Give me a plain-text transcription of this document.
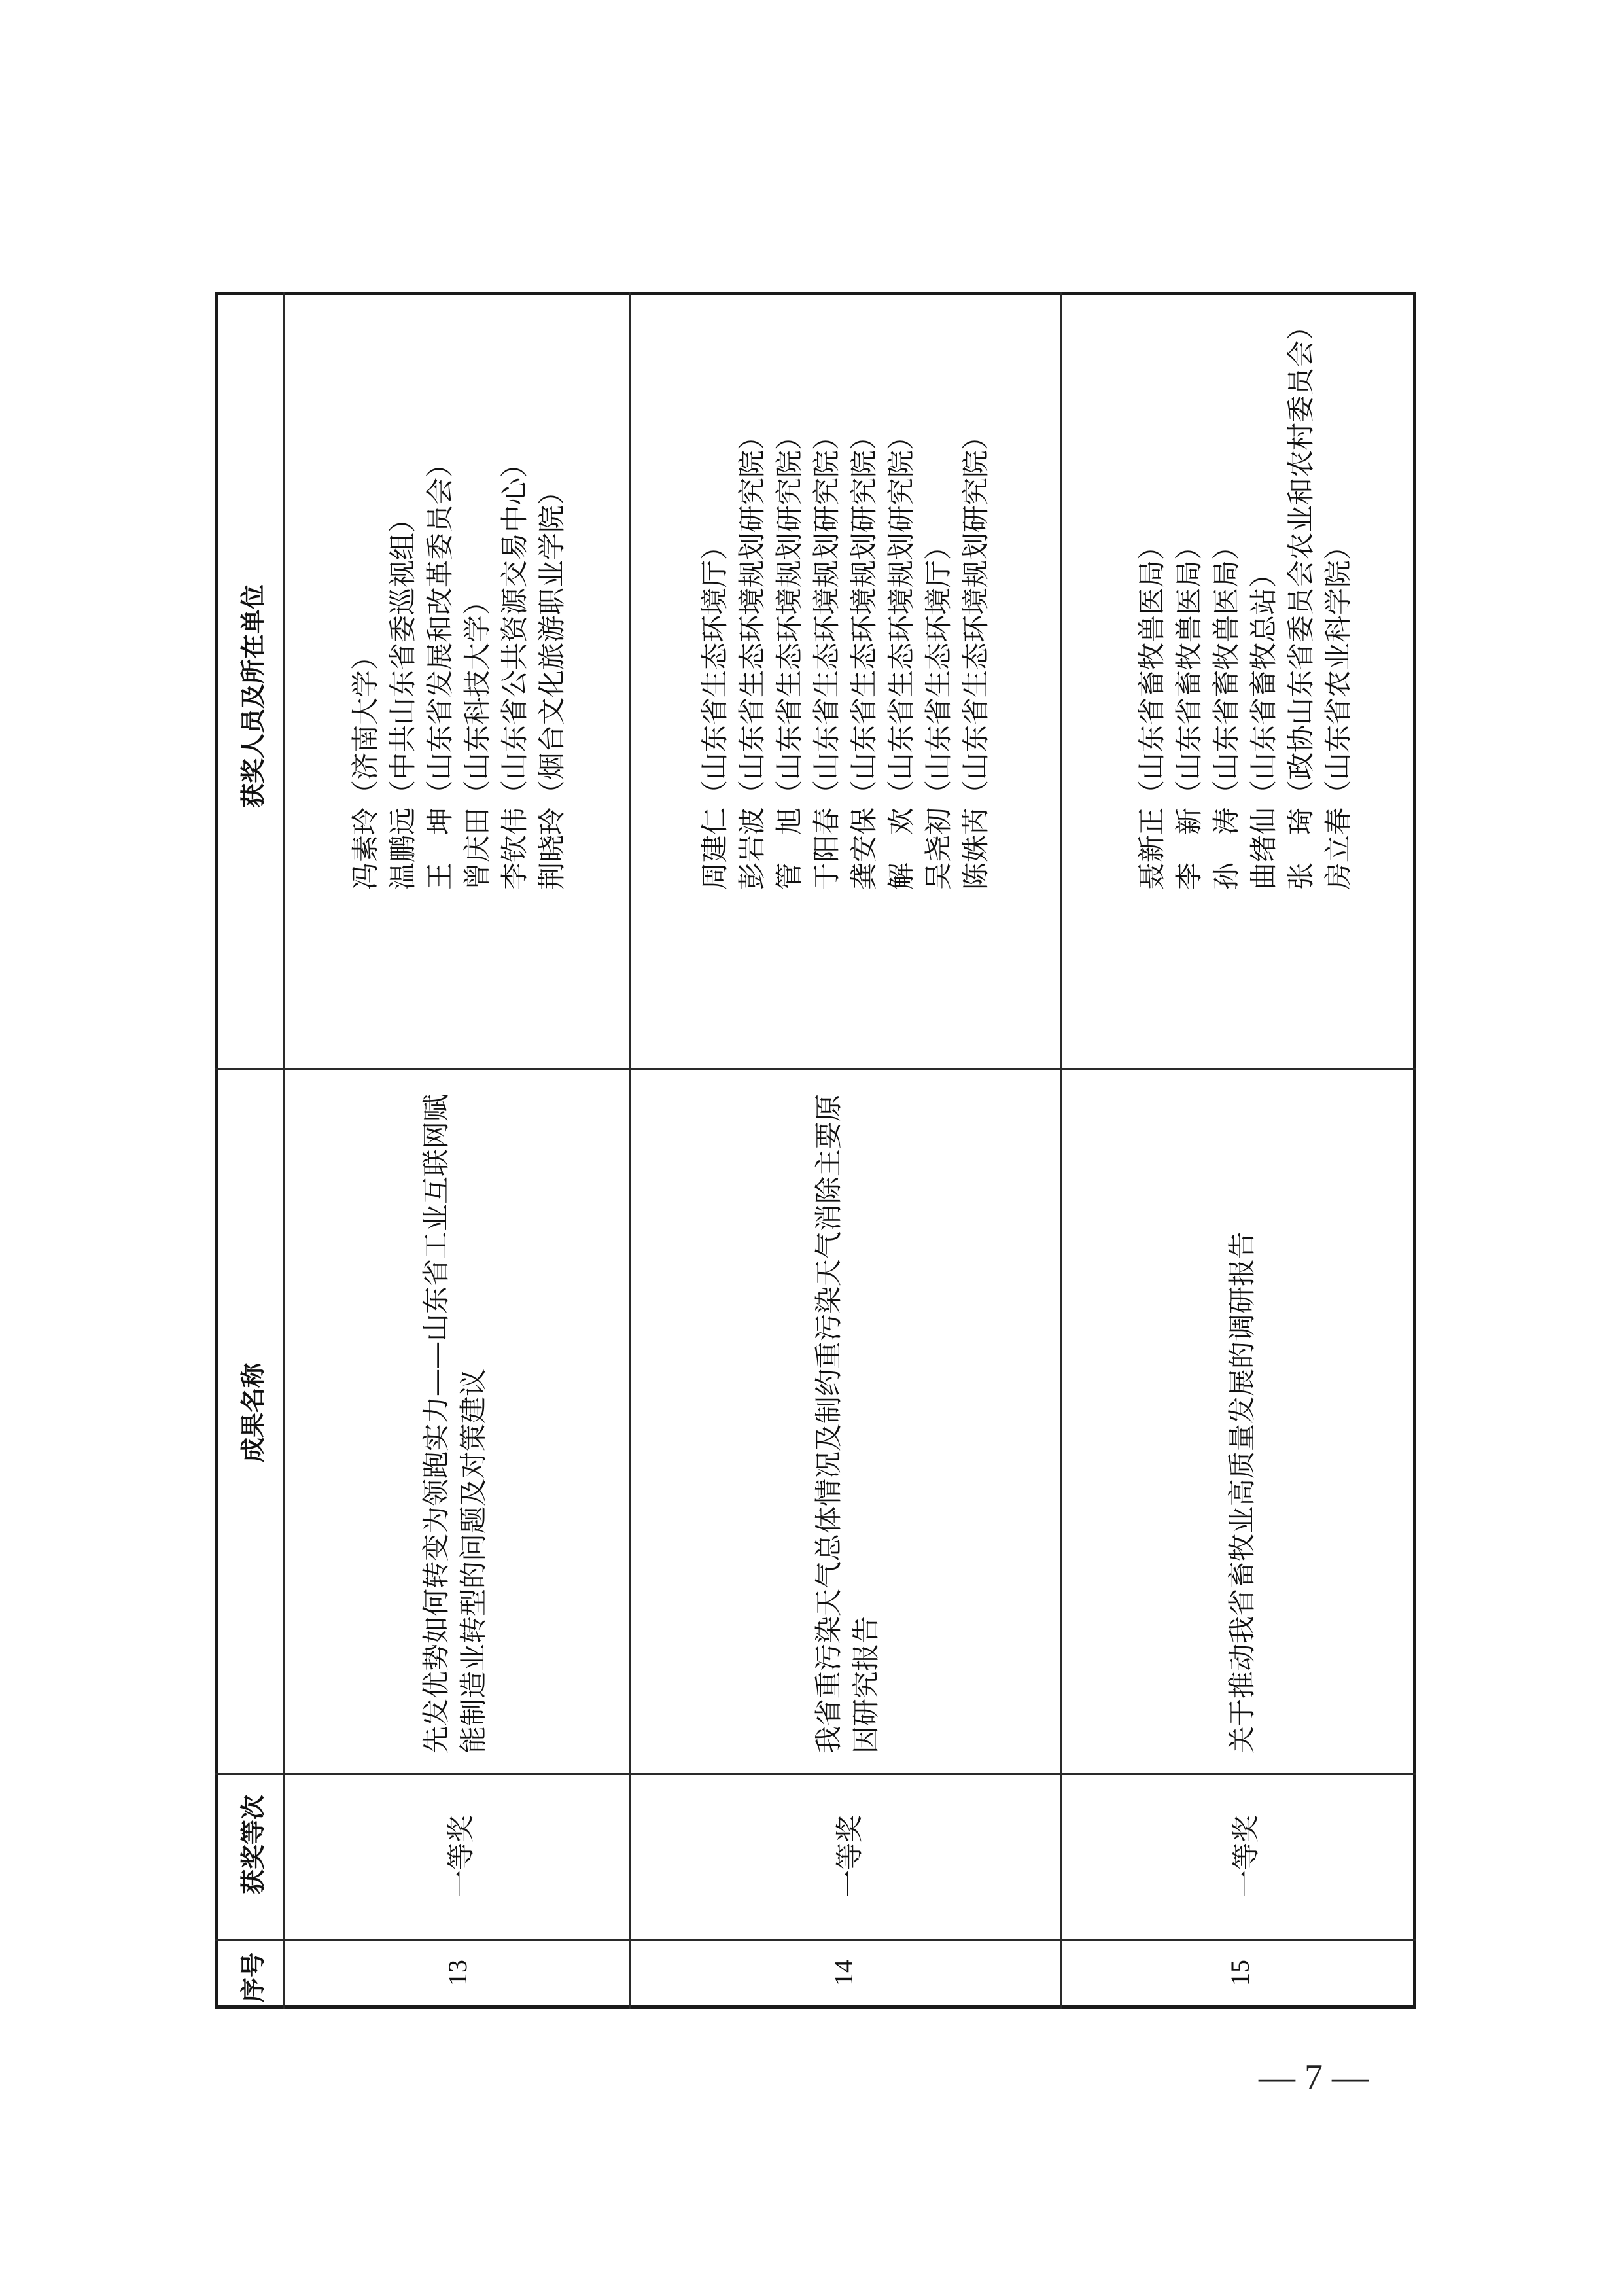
序号
获奖等次
成果名称
获奖人员及所在单位
13
一等奖
先发优势如何转变为领跑实力——山东省工业互联网赋 能制造业转型的问题及对策建议
冯素玲（济南大学） 温鹏远（中共山东省委巡视组） 王　坤（山东省发展和改革委员会） 曾庆田（山东科技大学） 李钦伟（山东省公共资源交易中心） 荆晓玲（烟台文化旅游职业学院）
14
一等奖
我省重污染天气总体情况及制约重污染天气消除主要原 因研究报告
周建仁（山东省生态环境厅） 彭岩波（山东省生态环境规划研究院） 管　旭（山东省生态环境规划研究院） 于阳春（山东省生态环境规划研究院） 龚安保（山东省生态环境规划研究院） 解　欢（山东省生态环境规划研究院） 吴尧初（山东省生态环境厅） 陈姝芮（山东省生态环境规划研究院）
15
一等奖
关于推动我省畜牧业高质量发展的调研报告
聂新正（山东省畜牧兽医局） 李　新（山东省畜牧兽医局） 孙　涛（山东省畜牧兽医局） 曲绪仙（山东省畜牧总站） 张　琦（政协山东省委员会农业和农村委员会） 房立春（山东省农业科学院）
— 7 —
